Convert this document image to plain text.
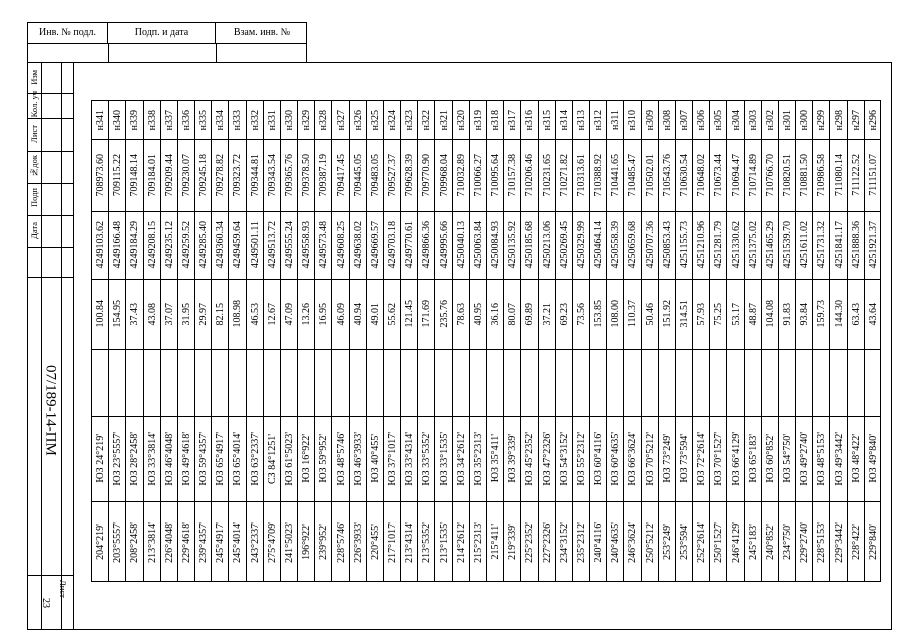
Инв. № подл.	Подп. и дата	Взам. инв. №
Изм
Кол. уч
Лист
№док
Подп
Дата
07/189-14-ПМ
Лист
23
н341
708973.60
4249103.62
100.84
ЮЗ 24°219'
204°219'
н340
709115.22
4249166.48
154.95
ЮЗ 23°5557'
203°5557'
н339
709148.14
4249184.29
37.43
ЮЗ 28°2458'
208°2458'
н338
709184.01
4249208.15
43.08
ЮЗ 33°3814'
213°3814'
н337
709209.44
4249235.12
37.07
ЮЗ 46°4048'
226°4048'
н336
709230.07
4249259.52
31.95
ЮЗ 49°4618'
229°4618'
н335
709245.18
4249285.40
29.97
ЮЗ 59°4357'
239°4357'
н334
709278.82
4249360.34
82.15
ЮЗ 65°4917'
245°4917'
н333
709323.72
4249459.64
108.98
ЮЗ 65°4014'
245°4014'
н332
709344.81
4249501.11
46.53
ЮЗ 63°2337'
243°2337'
н331
709343.54
4249513.72
12.67
СЗ 84°1251'
275°4709'
н330
709365.76
4249555.24
47.09
ЮЗ 61°5023'
241°5023'
н329
709378.50
4249558.93
13.26
ЮЗ 16°922'
196°922'
н328
709387.19
4249573.48
16.95
ЮЗ 59°952'
239°952'
н327
709417.45
4249608.25
46.09
ЮЗ 48°5746'
228°5746'
н326
709445.05
4249638.02
40.94
ЮЗ 46°3933'
226°3933'
н325
709483.05
4249669.57
49.01
ЮЗ 40°455'
220°455'
н324
709527.37
4249703.18
55.62
ЮЗ 37°1017'
217°1017'
н323
709628.39
4249770.61
121.45
ЮЗ 33°4314'
213°4314'
н322
709770.90
4249866.36
171.69
ЮЗ 33°5352'
213°5352'
н321
709968.04
4249995.66
235.76
ЮЗ 33°1535'
213°1535'
н320
710032.89
4250040.13
78.63
ЮЗ 34°2612'
214°2612'
н319
710066.27
4250063.84
40.95
ЮЗ 35°2313'
215°2313'
н318
710095.64
4250084.93
36.16
ЮЗ 35°411'
215°411'
н317
710157.38
4250135.92
80.07
ЮЗ 39°339'
219°339'
н316
710206.46
4250185.68
69.89
ЮЗ 45°2352'
225°2352'
н315
710231.65
4250213.06
37.21
ЮЗ 47°2326'
227°2326'
н314
710271.82
4250269.45
69.23
ЮЗ 54°3152'
234°3152'
н313
710313.61
4250329.99
73.56
ЮЗ 55°2312'
235°2312'
н312
710388.92
4250464.14
153.85
ЮЗ 60°4116'
240°4116'
н311
710441.65
4250558.39
108.00
ЮЗ 60°4635'
240°4635'
н310
710485.47
4250659.68
110.37
ЮЗ 66°3624'
246°3624'
н309
710502.01
4250707.36
50.46
ЮЗ 70°5212'
250°5212'
н308
710543.76
4250853.43
151.92
ЮЗ 73°249'
253°249'
н307
710630.54
4251155.73
314.51
ЮЗ 73°594'
253°594'
н306
710648.02
4251210.96
57.93
ЮЗ 72°2614'
252°2614'
н305
710673.44
4251281.79
75.25
ЮЗ 70°1527'
250°1527'
н304
710694.47
4251330.62
53.17
ЮЗ 66°4129'
246°4129'
н303
710714.89
4251375.02
48.87
ЮЗ 65°183'
245°183'
н302
710766.70
4251465.29
104.08
ЮЗ 60°852'
240°852'
н301
710820.51
4251539.70
91.83
ЮЗ 54°750'
234°750'
н300
710881.50
4251611.02
93.84
ЮЗ 49°2740'
229°2740'
н299
710986.58
4251731.32
159.73
ЮЗ 48°5153'
228°5153'
н298
711080.14
4251841.17
144.30
ЮЗ 49°3442'
229°3442'
н297
711122.52
4251888.36
63.43
ЮЗ 48°422'
228°422'
н296
711151.07
4251921.37
43.64
ЮЗ 49°840'
229°840'
